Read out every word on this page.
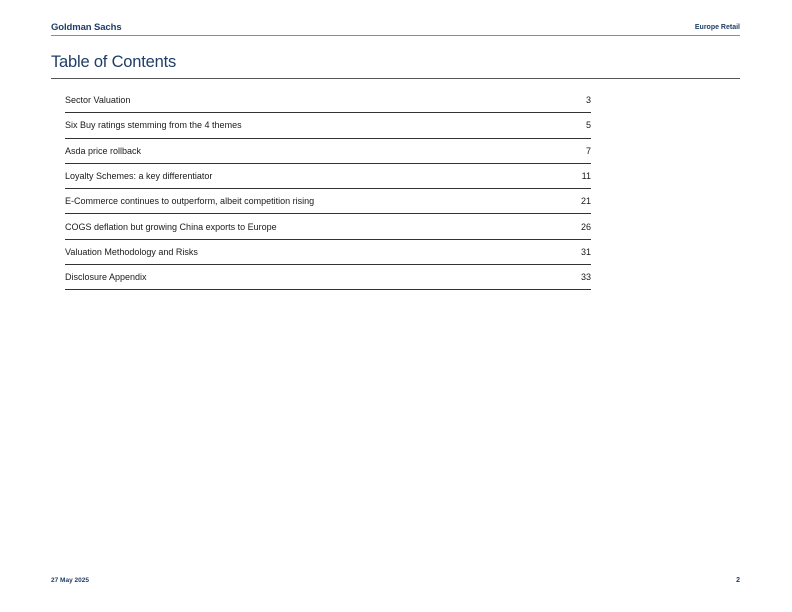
Goldman Sachs	Europe Retail
Table of Contents
Sector Valuation	3
Six Buy ratings stemming from the 4 themes	5
Asda price rollback	7
Loyalty Schemes: a key differentiator	11
E-Commerce continues to outperform, albeit competition rising	21
COGS deflation but growing China exports to Europe	26
Valuation Methodology and Risks	31
Disclosure Appendix	33
27 May 2025	2
